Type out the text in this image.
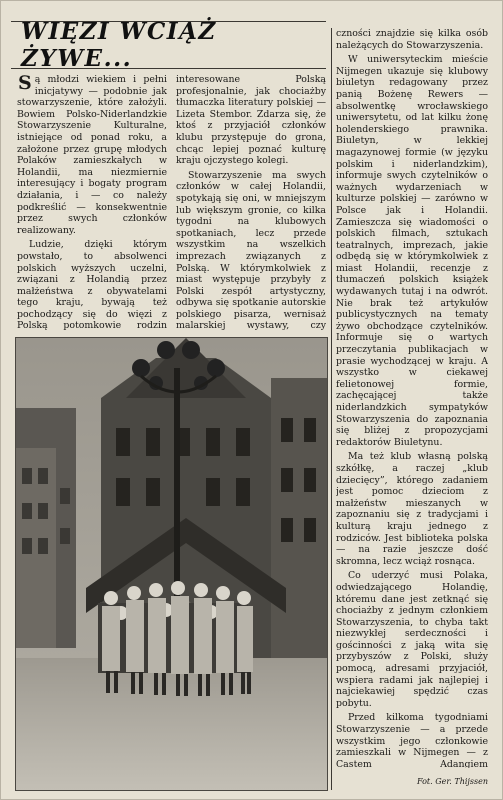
WIĘZI WCIĄŻ ŻYWE...

Są młodzi wiekiem i pełni inicjatywy — podobnie jak stowarzyszenie, które założyli. Bowiem Polsko-Niderlandzkie Stowarzyszenie Kulturalne, istniejące od ponad roku, a założone przez grupę młodych Polaków zamieszkałych w Holandii, ma niezmiernie interesujący i bogaty program działania, i — co należy podkreślić — konsekwentnie przez swych członków realizowany.

Ludzie, dzięki którym powstało, to absolwenci polskich wyższych uczelni, związani z Holandią przez małżeństwa z obywatelami tego kraju, bywają też pochodzący się do więzi z Polską potomkowie rodzin

interesowane Polską profesjonalnie, jak chociażby tłumaczka literatury polskiej — Lizeta Stembor. Zdarza się, że ktoś z przyjaciół członków klubu przystępuje do grona, chcąc lepiej poznać kulturę kraju ojczystego kolegi.

Stowarzyszenie ma swych członków w całej Holandii, spotykają się oni, w mniejszym lub większym gronie, co kilka tygodni na klubowych spotkaniach, lecz przede wszystkim na wszelkich imprezach związanych z Polską. W którymkolwiek z miast występuje przybyły z Polski zespół artystyczny, odbywa się spotkanie autorskie polskiego pisarza, wernisaż malarskiej wystawy, czy

czności znajdzie się kilka osób należących do Stowarzyszenia.

W uniwersyteckim mieście Nijmegen ukazuje się klubowy biuletyn redagowany przez panią Bożenę Rewers — absolwentkę wrocławskiego uniwersytetu, od lat kilku żonę holenderskiego prawnika. Biuletyn, w lekkiej magazynowej formie (w języku polskim i niderlandzkim), informuje swych czytelników o ważnych wydarzeniach w kulturze polskiej — zarówno w Polsce jak i Holandii. Zamieszcza się wiadomości o polskich filmach, sztukach teatralnych, imprezach, jakie odbędą się w którymkolwiek z miast Holandii, recenzje z tłumaczeń polskich książek wydawanych tutaj i na odwrót. Nie brak też artykułów publicystycznych na tematy żywo obchodzące czytelników. Informuje się o wartych przeczytania publikacjach w prasie wychodzącej w kraju. A wszystko w ciekawej felietonowej formie, zachęcającej także niderlandzkich sympatyków Stowarzyszenia do zapoznania się bliżej z propozycjami redaktorów Biuletynu.

Ma też klub własną polską szkółkę, a raczej „klub dziecięcy”, którego zadaniem jest pomoc dzieciom z małżeństw mieszanych w zapoznaniu się z tradycjami i kulturą kraju jednego z rodziców. Jest biblioteka polska — na razie jeszcze dość skromna, lecz wciąż rosnąca.

Co uderzyć musi Polaka, odwiedzającego Holandię, któremu dane jest zetknąć się chociażby z jednym członkiem Stowarzyszenia, to chyba takt niezwykłej serdeczności i gościnności z jaką wita się przybyszów z Polski, służy pomocą, adresami przyjaciół, wspiera radami jak najlepiej i najciekawiej spędzić czas pobytu.

Przed kilkoma tygodniami Stowarzyszenie — a przede wszystkim jego członkowie zamieszkali w Nijmegen — z Castem Adangiem

Fot. Ger. Thijssen
